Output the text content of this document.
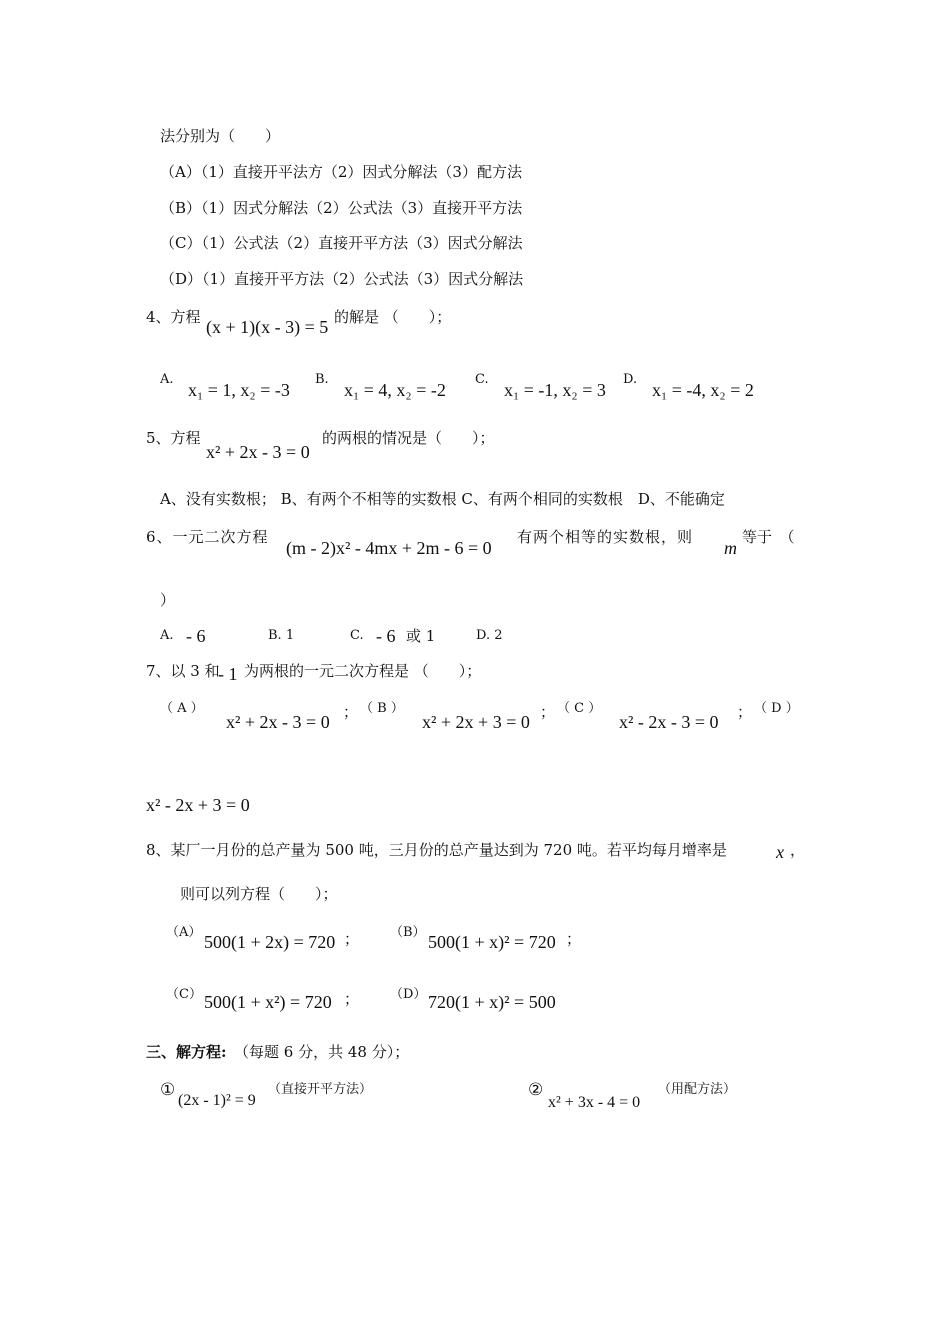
法分别为（　　）
（A）（1）直接开平法方（2）因式分解法（3）配方法
（B）（1）因式分解法（2）公式法（3）直接开平方法
（C）（1）公式法（2）直接开平方法（3）因式分解法
（D）（1）直接开平方法（2）公式法（3）因式分解法
4、方程 (x + 1)(x - 3) = 5 的解是 （　　）；
A.
x₁ = 1, x₂ = -3
B.
x₁ = 4, x₂ = -2
C.
x₁ = -1, x₂ = 3
D.
x₁ = -4, x₂ = 2
5、方程
x² + 2x - 3 = 0
的两根的情况是（　　）；
A、没有实数根； B、有两个不相等的实数根 C、有两个相同的实数根　D、不能确定
6、一元二次方程
(m - 2)x² - 4mx + 2m - 6 = 0
有两个相等的实数根，则
m
等于　（
）
A. - 6	B. 1	C. - 6 或 1	D. 2
7、以 3 和
- 1 为两根的一元二次方程是 （　　）；
（ A ）
x² + 2x - 3 = 0 ； （ B ）
x² + 2x + 3 = 0 ； （ C ）
x² - 2x - 3 = 0 ； （ D ）
x² - 2x + 3 = 0
8、某厂一月份的总产量为 500 吨，三月份的总产量达到为 720 吨。若平均每月增率是	x ，
则可以列方程（　　）；
（A） 500(1 + 2x) = 720 ； （B） 500(1 + x)² = 720 ；
（C） 500(1 + x²) = 720 ； （D） 720(1 + x)² = 500
三、解方程: （每题 6 分，共 48 分）；
①
(2x - 1)² = 9
（直接开平方法）	②
x² + 3x - 4 = 0
（用配方法）
